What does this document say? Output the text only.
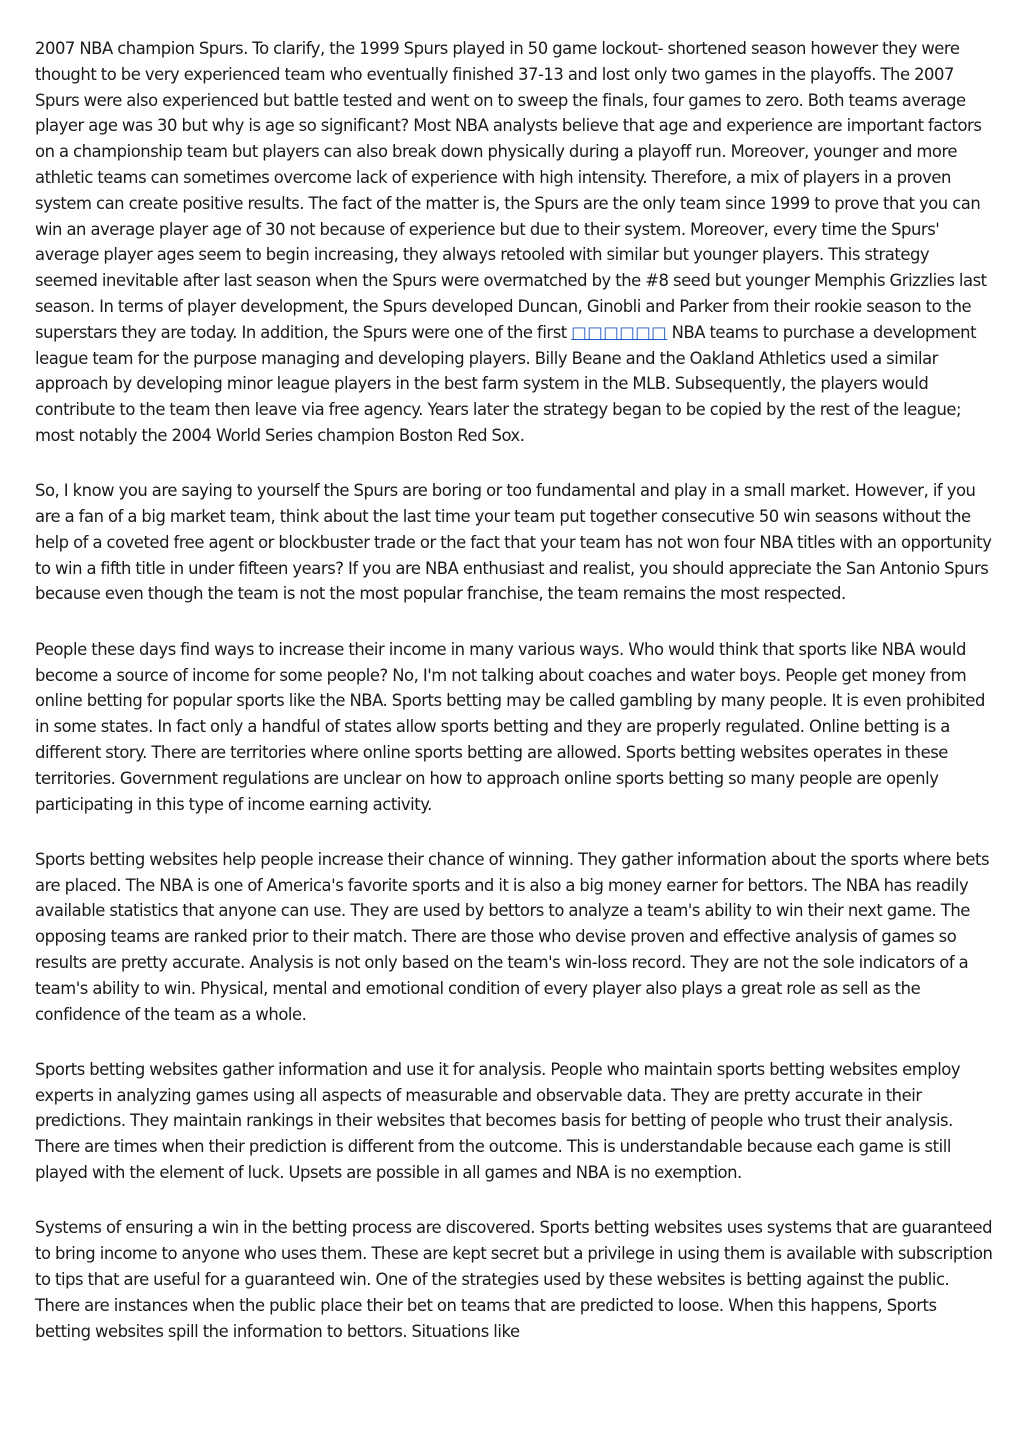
2007 NBA champion Spurs. To clarify, the 1999 Spurs played in 50 game lockout- shortened season however they were thought to be very experienced team who eventually finished 37-13 and lost only two games in the playoffs. The 2007 Spurs were also experienced but battle tested and went on to sweep the finals, four games to zero. Both teams average player age was 30 but why is age so significant? Most NBA analysts believe that age and experience are important factors on a championship team but players can also break down physically during a playoff run. Moreover, younger and more athletic teams can sometimes overcome lack of experience with high intensity. Therefore, a mix of players in a proven system can create positive results. The fact of the matter is, the Spurs are the only team since 1999 to prove that you can win an average player age of 30 not because of experience but due to their system. Moreover, every time the Spurs' average player ages seem to begin increasing, they always retooled with similar but younger players. This strategy seemed inevitable after last season when the Spurs were overmatched by the #8 seed but younger Memphis Grizzlies last season. In terms of player development, the Spurs developed Duncan, Ginobli and Parker from their rookie season to the superstars they are today. In addition, the Spurs were one of the first □□□□□□ NBA teams to purchase a development league team for the purpose managing and developing players. Billy Beane and the Oakland Athletics used a similar approach by developing minor league players in the best farm system in the MLB. Subsequently, the players would contribute to the team then leave via free agency. Years later the strategy began to be copied by the rest of the league; most notably the 2004 World Series champion Boston Red Sox.

So, I know you are saying to yourself the Spurs are boring or too fundamental and play in a small market. However, if you are a fan of a big market team, think about the last time your team put together consecutive 50 win seasons without the help of a coveted free agent or blockbuster trade or the fact that your team has not won four NBA titles with an opportunity to win a fifth title in under fifteen years? If you are NBA enthusiast and realist, you should appreciate the San Antonio Spurs because even though the team is not the most popular franchise, the team remains the most respected.

People these days find ways to increase their income in many various ways. Who would think that sports like NBA would become a source of income for some people? No, I'm not talking about coaches and water boys. People get money from online betting for popular sports like the NBA. Sports betting may be called gambling by many people. It is even prohibited in some states. In fact only a handful of states allow sports betting and they are properly regulated. Online betting is a different story. There are territories where online sports betting are allowed. Sports betting websites operates in these territories. Government regulations are unclear on how to approach online sports betting so many people are openly participating in this type of income earning activity.

Sports betting websites help people increase their chance of winning. They gather information about the sports where bets are placed. The NBA is one of America's favorite sports and it is also a big money earner for bettors. The NBA has readily available statistics that anyone can use. They are used by bettors to analyze a team's ability to win their next game. The opposing teams are ranked prior to their match. There are those who devise proven and effective analysis of games so results are pretty accurate. Analysis is not only based on the team's win-loss record. They are not the sole indicators of a team's ability to win. Physical, mental and emotional condition of every player also plays a great role as sell as the confidence of the team as a whole.

Sports betting websites gather information and use it for analysis. People who maintain sports betting websites employ experts in analyzing games using all aspects of measurable and observable data. They are pretty accurate in their predictions. They maintain rankings in their websites that becomes basis for betting of people who trust their analysis. There are times when their prediction is different from the outcome. This is understandable because each game is still played with the element of luck. Upsets are possible in all games and NBA is no exemption.

Systems of ensuring a win in the betting process are discovered. Sports betting websites uses systems that are guaranteed to bring income to anyone who uses them. These are kept secret but a privilege in using them is available with subscription to tips that are useful for a guaranteed win. One of the strategies used by these websites is betting against the public. There are instances when the public place their bet on teams that are predicted to loose. When this happens, Sports betting websites spill the information to bettors. Situations like
